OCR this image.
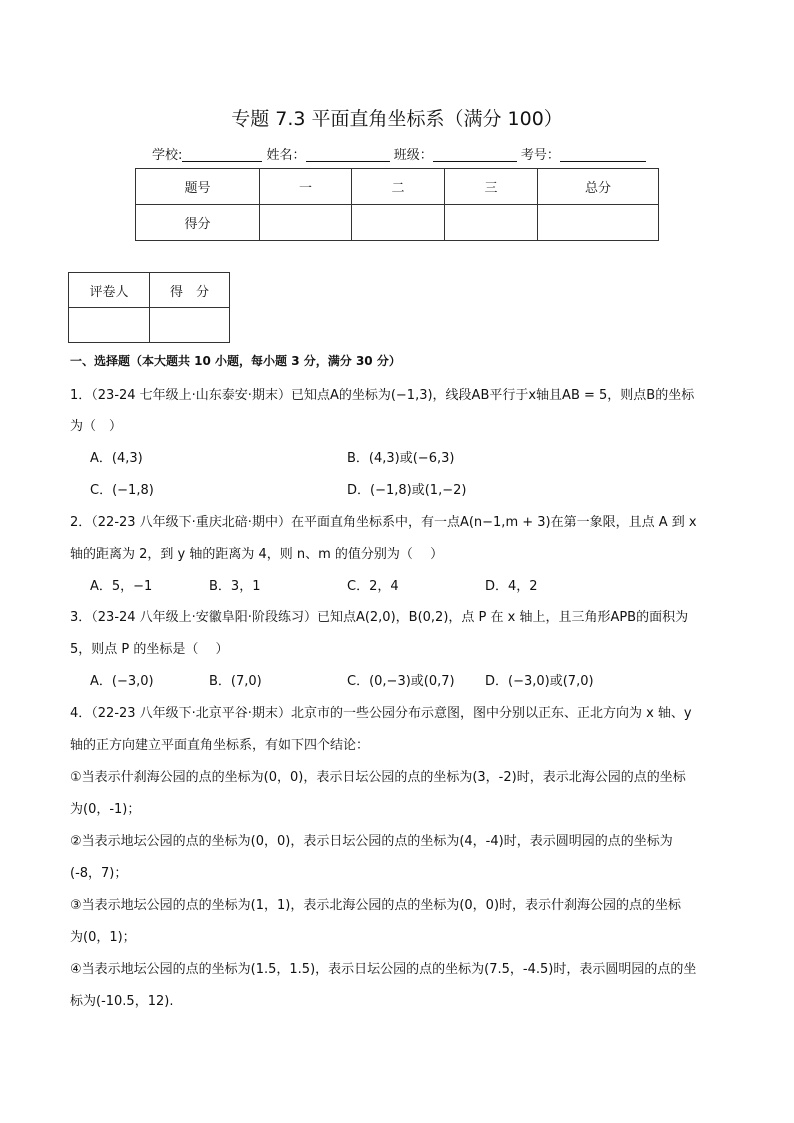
专题 7.3 平面直角坐标系（满分 100）
学校:	姓名：	班级：	考号：
题号	一	二	三	总分
得分				
评卷人	得　分

一、选择题（本大题共 10 小题，每小题 3 分，满分 30 分）
1．（23-24 七年级上·山东泰安·期末）已知点A的坐标为(−1,3)，线段AB平行于x轴且AB = 5，则点B的坐标
为（　）
A．(4,3)	B．(4,3)或(−6,3)
C．(−1,8)	D．(−1,8)或(1,−2)
2．（22-23 八年级下·重庆北碚·期中）在平面直角坐标系中，有一点A(n−1,m + 3)在第一象限，且点 A 到 x
轴的距离为 2，到 y 轴的距离为 4，则 n、m 的值分别为（　 ）
A．5，−1	B．3，1	C．2，4	D．4，2
3．（23-24 八年级上·安徽阜阳·阶段练习）已知点A(2,0)，B(0,2)，点 P 在 x 轴上，且三角形APB的面积为
5，则点 P 的坐标是（　 ）
A．(−3,0)	B．(7,0)	C．(0,−3)或(0,7) D．(−3,0)或(7,0)
4．（22-23 八年级下·北京平谷·期末）北京市的一些公园分布示意图，图中分别以正东、正北方向为 x 轴、y
轴的正方向建立平面直角坐标系，有如下四个结论：
①当表示什刹海公园的点的坐标为(0，0)，表示日坛公园的点的坐标为(3，-2)时，表示北海公园的点的坐标
为(0，-1)；
②当表示地坛公园的点的坐标为(0，0)，表示日坛公园的点的坐标为(4，-4)时，表示圆明园的点的坐标为
(-8，7)；
③当表示地坛公园的点的坐标为(1，1)，表示北海公园的点的坐标为(0，0)时，表示什刹海公园的点的坐标
为(0，1)；
④当表示地坛公园的点的坐标为(1.5，1.5)，表示日坛公园的点的坐标为(7.5，-4.5)时，表示圆明园的点的坐
标为(-10.5，12).
